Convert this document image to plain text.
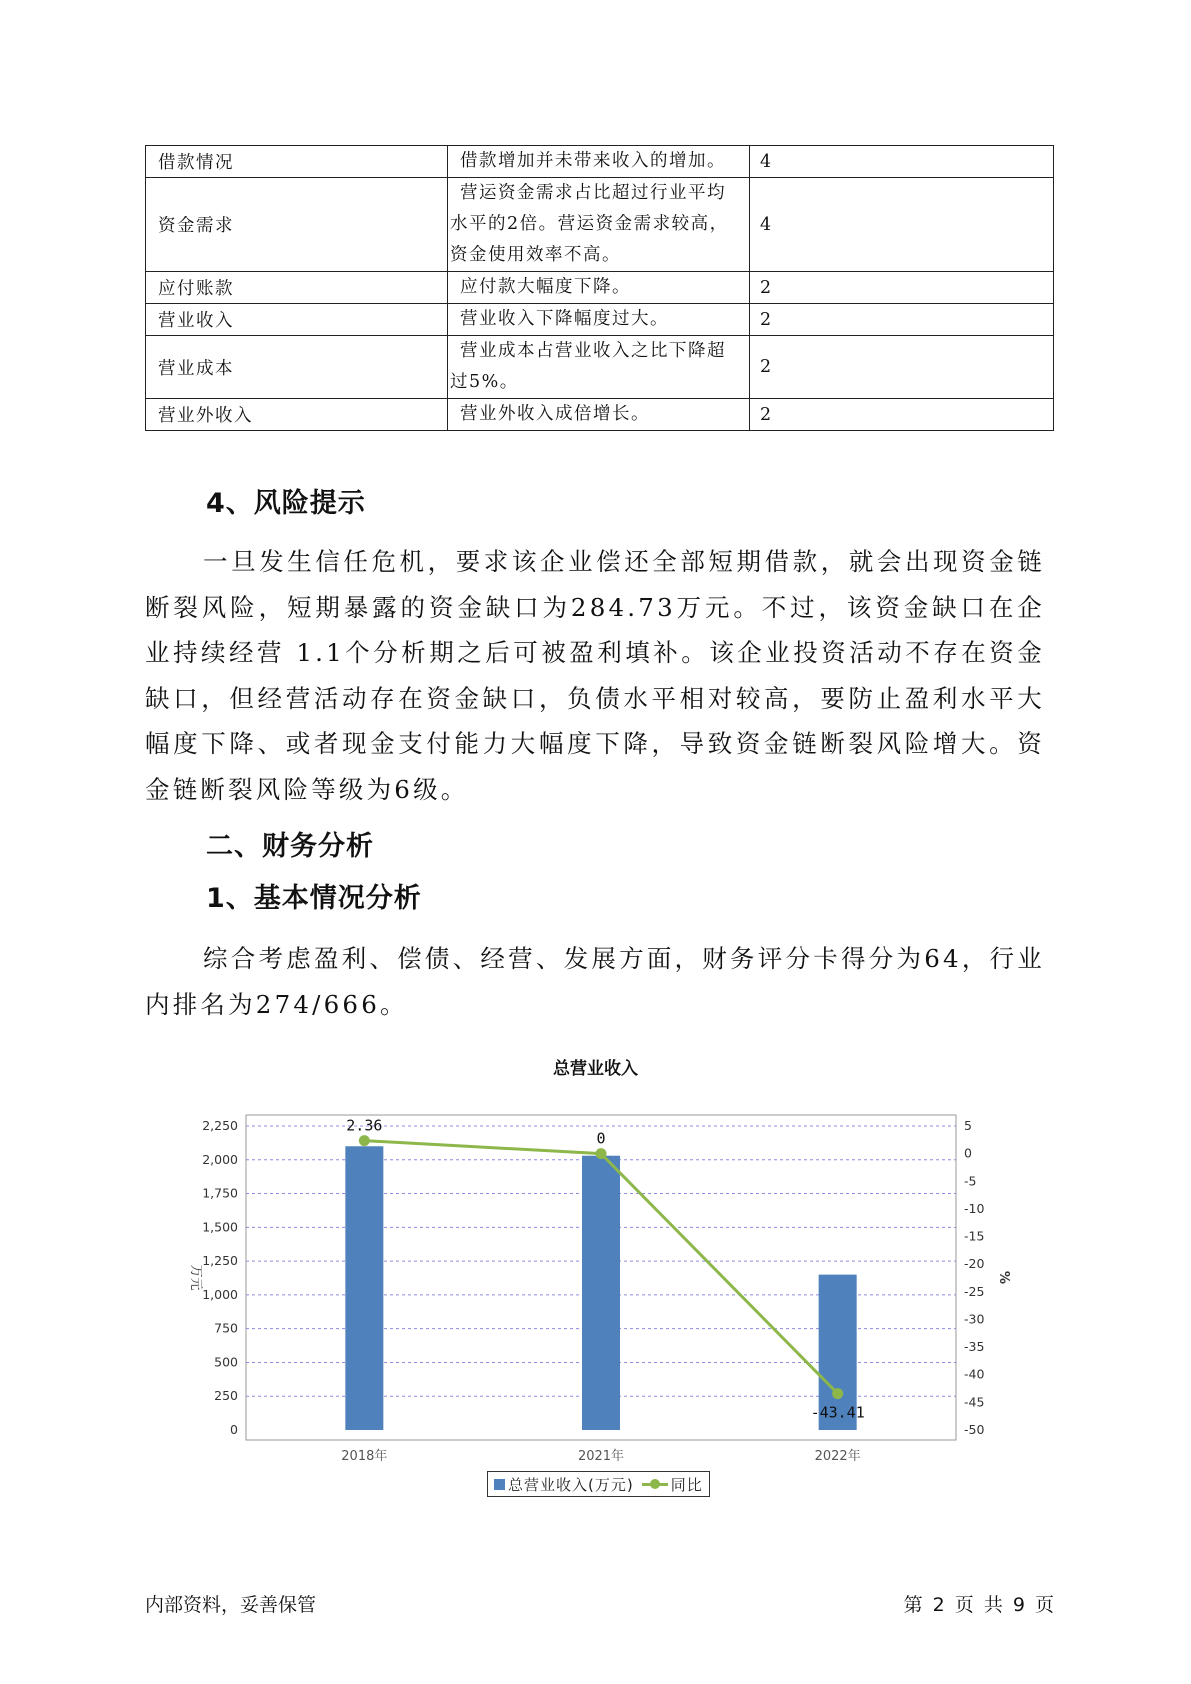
借款情况	借款增加并未带来收入的增加。	4
资金需求	营运资金需求占比超过行业平均水平的2倍。营运资金需求较高，资金使用效率不高。	4
应付账款	应付款大幅度下降。	2
营业收入	营业收入下降幅度过大。	2
营业成本	营业成本占营业收入之比下降超过5%。	2
营业外收入	营业外收入成倍增长。	2
4、风险提示

一旦发生信任危机，要求该企业偿还全部短期借款，就会出现资金链断裂风险，短期暴露的资金缺口为284.73万元。不过，该资金缺口在企业持续经营 1.1个分析期之后可被盈利填补。该企业投资活动不存在资金缺口，但经营活动存在资金缺口，负债水平相对较高，要防止盈利水平大幅度下降、或者现金支付能力大幅度下降，导致资金链断裂风险增大。资金链断裂风险等级为6级。

二、财务分析
1、基本情况分析

综合考虑盈利、偿债、经营、发展方面，财务评分卡得分为64，行业内排名为274/666。

总营业收入
0
250
500
750
1,000
1,250
1,500
1,750
2,000
2,250	5
0
-5
-10
-15
-20
-25
-30
-35
-40
-45
-50
万元	%
2018年	2021年	2022年
2.36
0
-43.41
总营业收入(万元) 同比
内部资料，妥善保管	第 2 页 共 9 页
